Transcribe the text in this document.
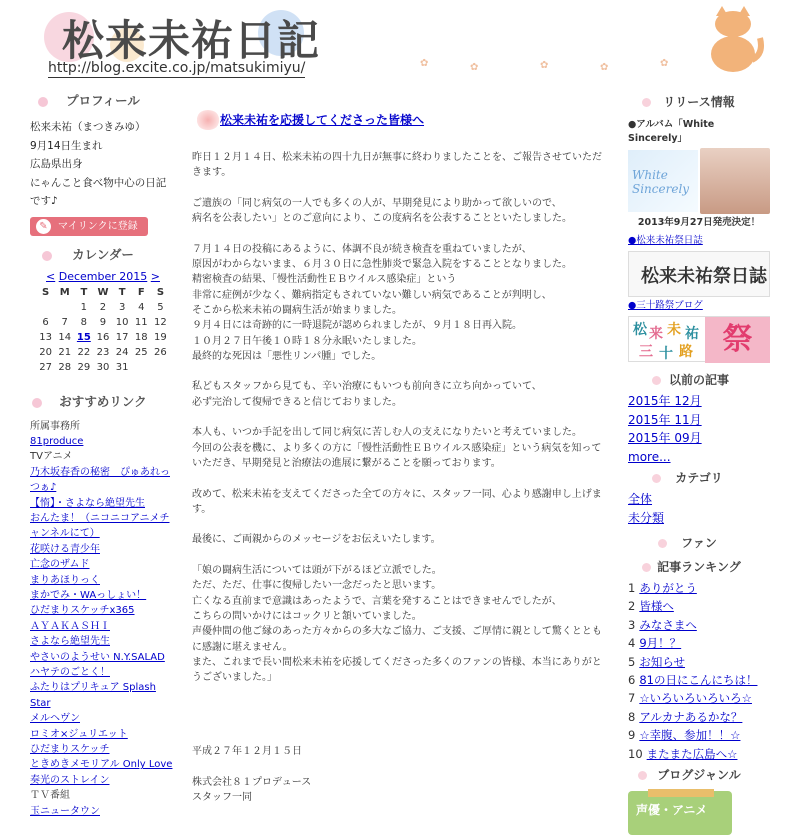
松来未祐日記
http://blog.excite.co.jp/matsukimiyu/	✿	✿	✿	✿	✿
プロフィール

松来未祐（まつきみゆ）

9月14日生まれ

広島県出身

にゃんこと食べ物中心の日記です♪

✎	マイリンクに登録
カレンダー
< December 2015 >
S	M	T	W	T	F	S
		1	2	3	4	5
6	7	8	9	10	11	12
13	14	15	16	17	18	19
20	21	22	23	24	25	26
27	28	29	30	31		
おすすめリンク
所属事務所
81produce
TVアニメ
乃木坂春香の秘密　ぴゅあれっつぁ♪
【惰】・さよなら絶望先生
おんたま！（ニコニコアニメチャンネルにて）
花咲ける青少年
亡念のザムド
まりあほりっく
まかでみ・WAっしょい！
ひだまりスケッチx365
ＡＹＡＫＡＳＨＩ
さよなら絶望先生
やさいのようせい N.Y.SALAD
ハヤテのごとく！
ふたりはプリキュア Splash Star
メルヘヴン
ロミオ×ジュリエット
ひだまりスケッチ
ときめきメモリアル Only Love
奏光のストレイン
ＴＶ番組
玉ニュータウン
松来未祐を応援してくださった皆様へ

昨日１２月１４日、松来未祐の四十九日が無事に終わりましたことを、ご報告させていただきます。

ご遺族の「同じ病気の一人でも多くの人が、早期発見により助かって欲しいので、
病名を公表したい」とのご意向により、この度病名を公表することといたしました。

７月１４日の投稿にあるように、体調不良が続き検査を重ねていましたが、
原因がわからないまま、６月３０日に急性肺炎で緊急入院をすることとなりました。
精密検査の結果、「慢性活動性ＥＢウイルス感染症」という
非常に症例が少なく、難病指定もされていない難しい病気であることが判明し、
そこから松来未祐の闘病生活が始まりました。
９月４日には奇跡的に一時退院が認められましたが、９月１８日再入院。
１０月２７日午後１０時１８分永眠いたしました。
最終的な死因は「悪性リンパ腫」でした。

私どもスタッフから見ても、辛い治療にもいつも前向きに立ち向かっていて、
必ず完治して復帰できると信じておりました。

本人も、いつか手記を出して同じ病気に苦しむ人の支えになりたいと考えていました。
今回の公表を機に、より多くの方に「慢性活動性ＥＢウイルス感染症」という病気を知っていただき、早期発見と治療法の進展に繋がることを願っております。

改めて、松来未祐を支えてくださった全ての方々に、スタッフ一同、心より感謝申し上げます。

最後に、ご両親からのメッセージをお伝えいたします。

「娘の闘病生活については頭が下がるほど立派でした。
ただ、ただ、仕事に復帰したい一念だったと思います。
亡くなる直前まで意識はあったようで、言葉を発することはできませんでしたが、
こちらの問いかけにはコックリと頷いていました。
声優仲間の他ご縁のあった方々からの多大なご協力、ご支援、ご厚情に親として驚くとともに感謝に堪えません。
また、これまで長い間松来未祐を応援してくださった多くのファンの皆様、本当にありがとうございました。」

平成２７年１２月１５日

株式会社８１プロデュース
スタッフ一同

リリース情報
●アルバム「White Sincerely」
White Sincerely
2013年9月27日発売決定！
●松来未祐祭日誌
松来未祐祭日誌
●三十路祭ブログ
松 来 未 祐
三 十 路 祭
以前の記事
2015年 12月
2015年 11月
2015年 09月
more...
カテゴリ
全体
未分類
ファン
記事ランキング
1 ありがとう
2 皆様へ
3 みなさまへ
4 9月！？
5 お知らせ
6 81の日にこんにちは！
7 ☆いろいろいろいろ☆
8 アルカナあるかな？
9 ☆幸腹、参加！！☆
10 またまた広島へ☆
ブログジャンル
声優・アニメ
